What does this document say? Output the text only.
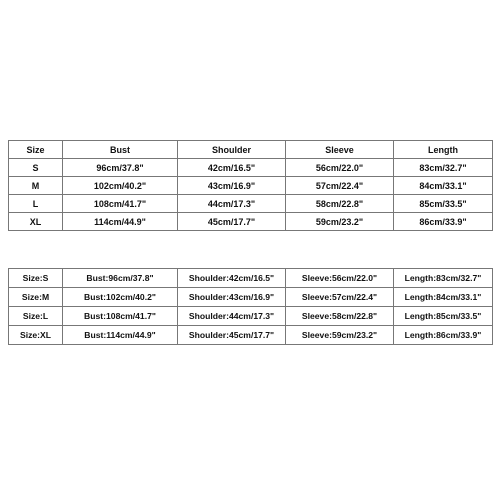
Size	Bust	Shoulder	Sleeve	Length
S	96cm/37.8"	42cm/16.5"	56cm/22.0"	83cm/32.7"
M	102cm/40.2"	43cm/16.9"	57cm/22.4"	84cm/33.1"
L	108cm/41.7"	44cm/17.3"	58cm/22.8"	85cm/33.5"
XL	114cm/44.9"	45cm/17.7"	59cm/23.2"	86cm/33.9"
Size:S	Bust:96cm/37.8"	Shoulder:42cm/16.5"	Sleeve:56cm/22.0"	Length:83cm/32.7"
Size:M	Bust:102cm/40.2"	Shoulder:43cm/16.9"	Sleeve:57cm/22.4"	Length:84cm/33.1"
Size:L	Bust:108cm/41.7"	Shoulder:44cm/17.3"	Sleeve:58cm/22.8"	Length:85cm/33.5"
Size:XL	Bust:114cm/44.9"	Shoulder:45cm/17.7"	Sleeve:59cm/23.2"	Length:86cm/33.9"
